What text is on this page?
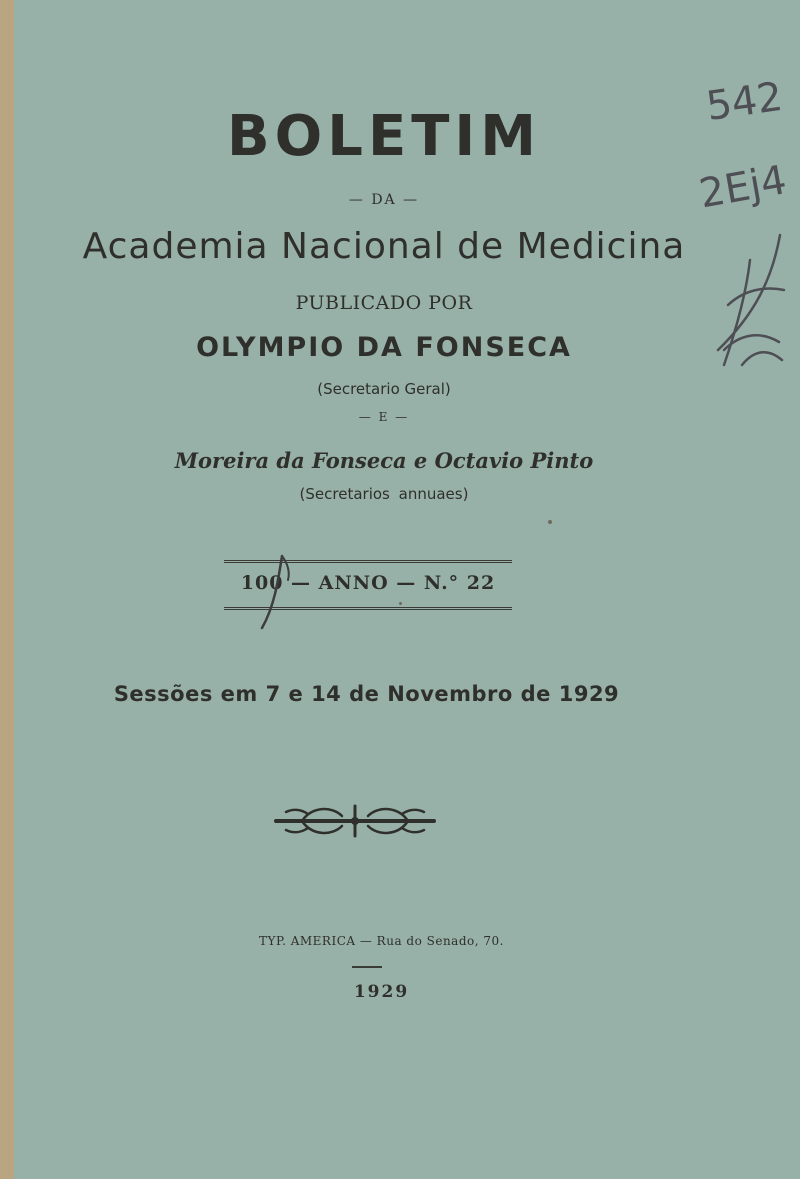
BOLETIM
— DA —
Academia Nacional de Medicina
PUBLICADO POR
OLYMPIO DA FONSECA
(Secretario Geral)
— E —
Moreira da Fonseca e Octavio Pinto
(Secretarios annuaes)
100 — ANNO — N.° 22
Sessões em 7 e 14 de Novembro de 1929
TYP. AMERICA — Rua do Senado, 70.
1929
542
2Ej4
